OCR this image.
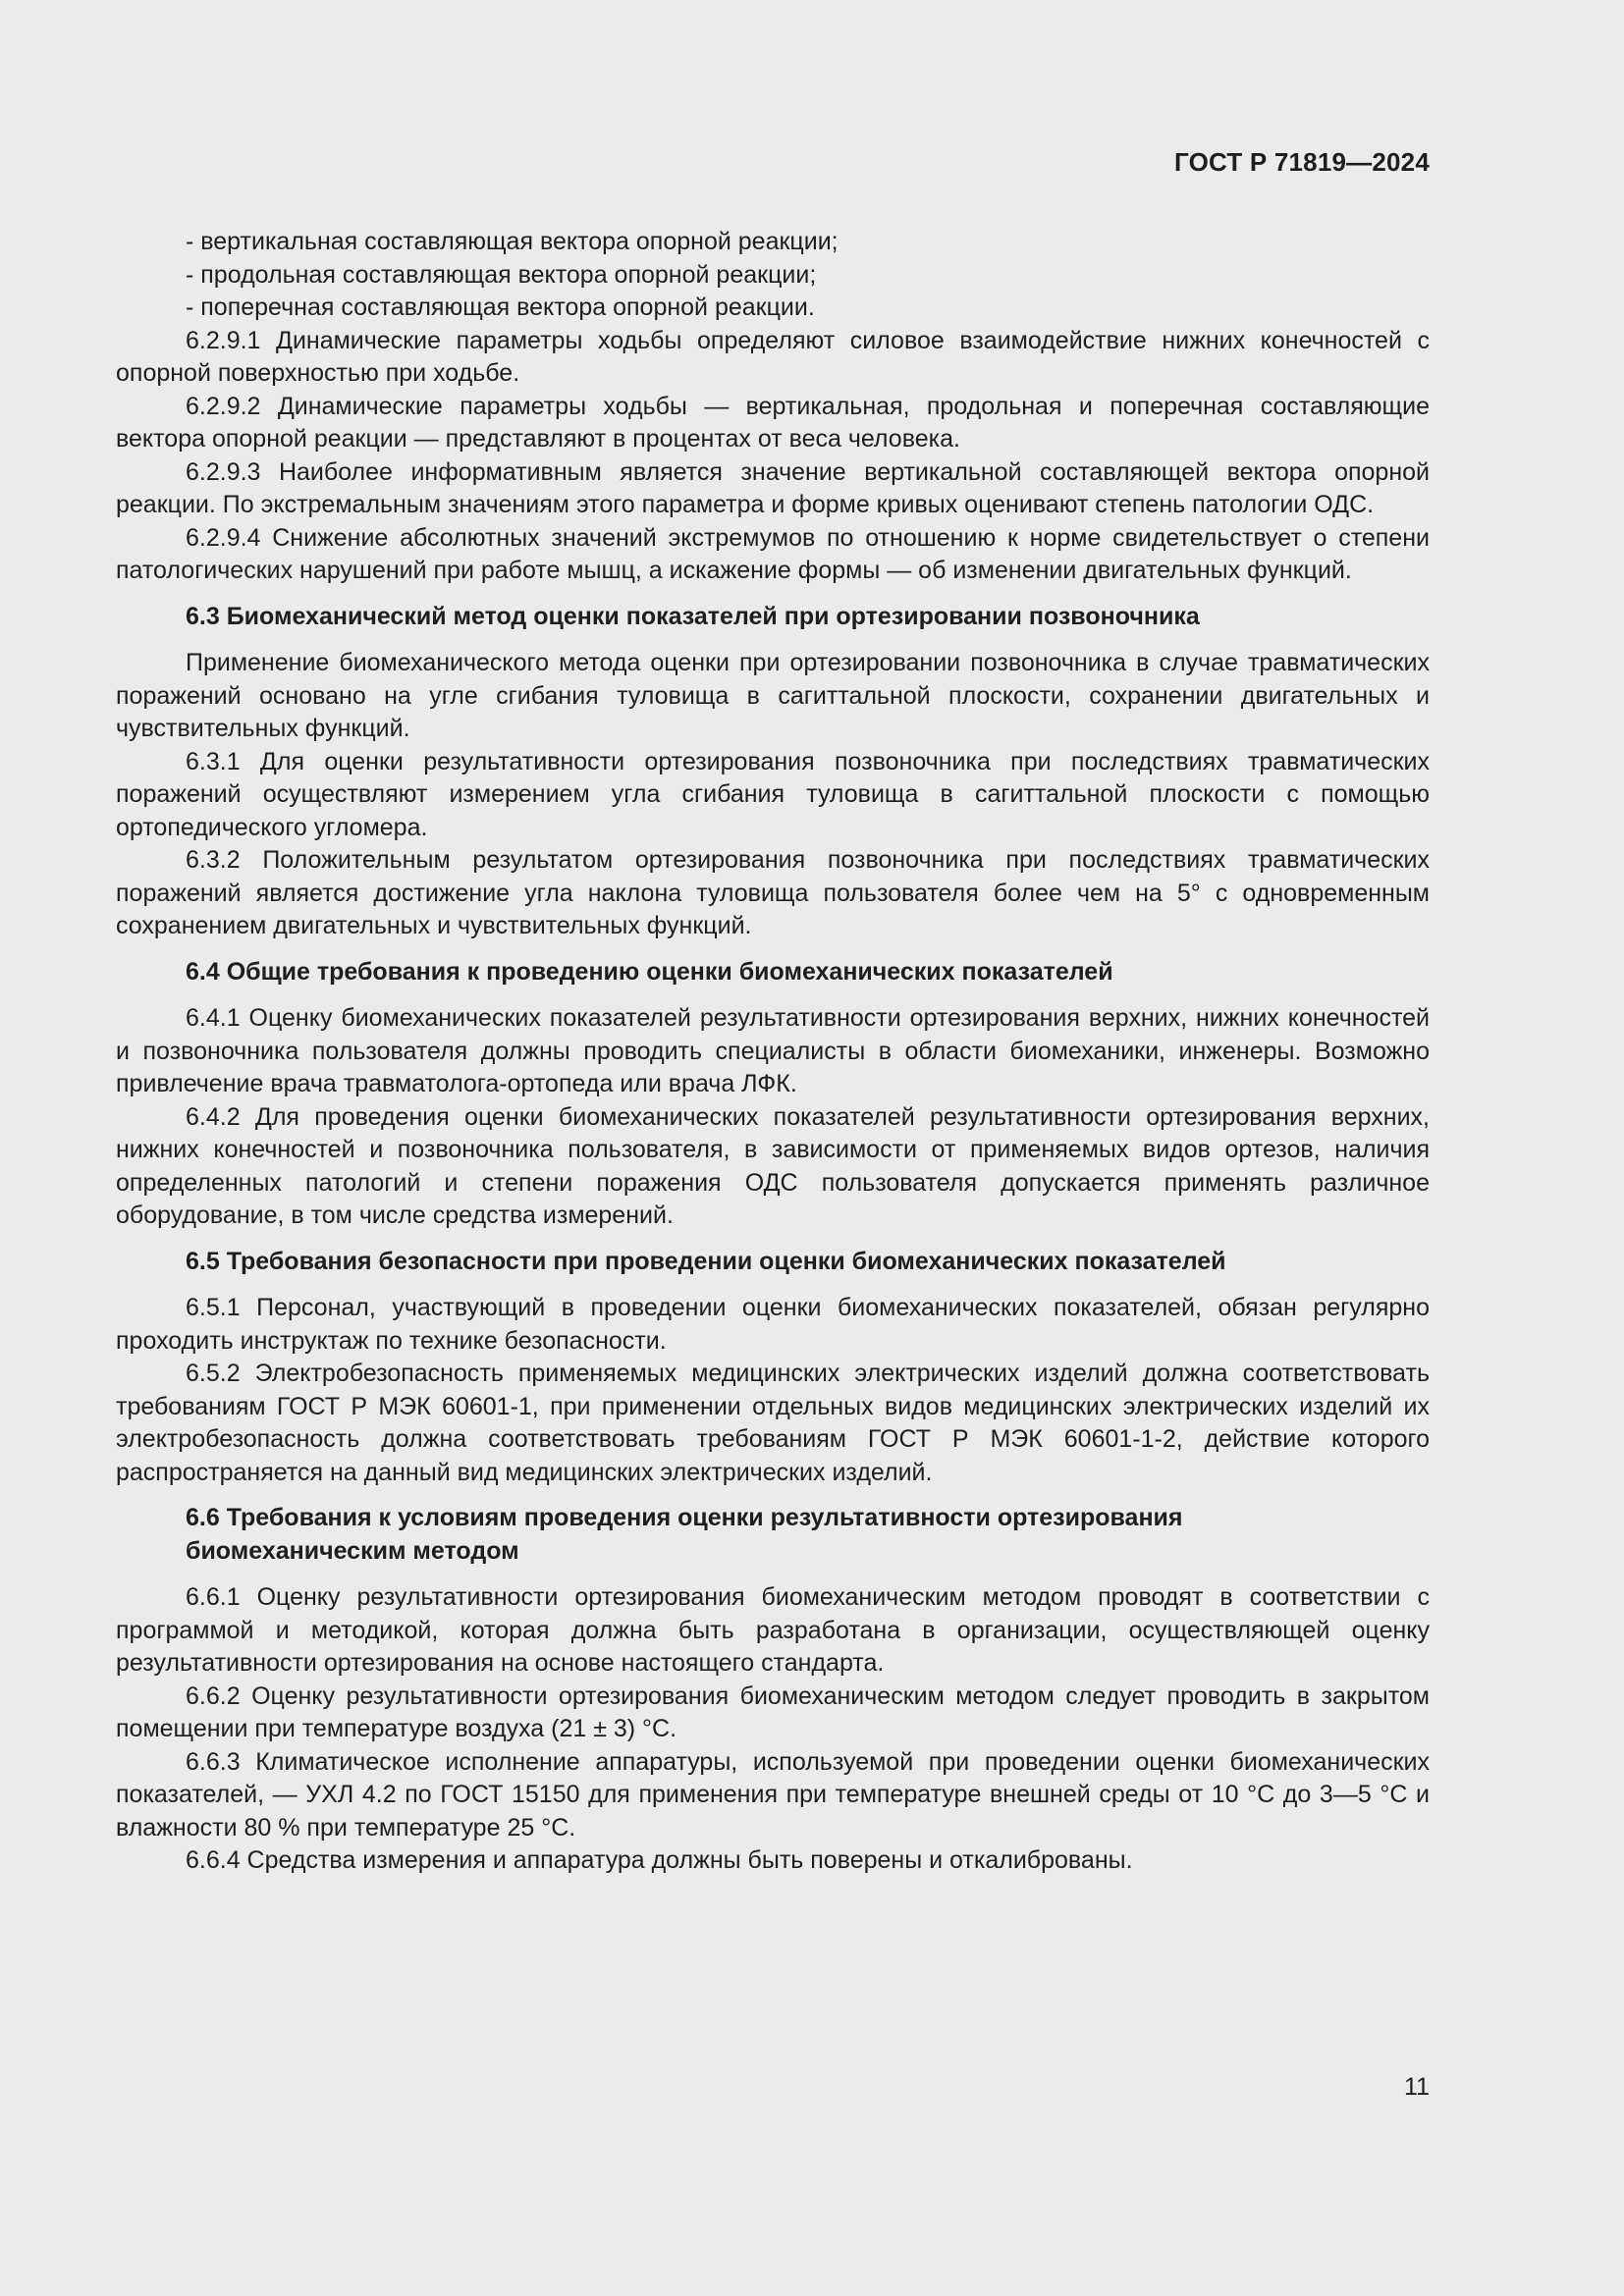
ГОСТ Р 71819—2024

- вертикальная составляющая вектора опорной реакции;

- продольная составляющая вектора опорной реакции;

- поперечная составляющая вектора опорной реакции.

6.2.9.1 Динамические параметры ходьбы определяют силовое взаимодействие нижних конечностей с опорной поверхностью при ходьбе.

6.2.9.2 Динамические параметры ходьбы — вертикальная, продольная и поперечная составляющие вектора опорной реакции — представляют в процентах от веса человека.

6.2.9.3 Наиболее информативным является значение вертикальной составляющей вектора опорной реакции. По экстремальным значениям этого параметра и форме кривых оценивают степень патологии ОДС.

6.2.9.4 Снижение абсолютных значений экстремумов по отношению к норме свидетельствует о степени патологических нарушений при работе мышц, а искажение формы — об изменении двигательных функций.

6.3 Биомеханический метод оценки показателей при ортезировании позвоночника

Применение биомеханического метода оценки при ортезировании позвоночника в случае травматических поражений основано на угле сгибания туловища в сагиттальной плоскости, сохранении двигательных и чувствительных функций.

6.3.1 Для оценки результативности ортезирования позвоночника при последствиях травматических поражений осуществляют измерением угла сгибания туловища в сагиттальной плоскости с помощью ортопедического угломера.

6.3.2 Положительным результатом ортезирования позвоночника при последствиях травматических поражений является достижение угла наклона туловища пользователя более чем на 5° с одновременным сохранением двигательных и чувствительных функций.

6.4 Общие требования к проведению оценки биомеханических показателей

6.4.1 Оценку биомеханических показателей результативности ортезирования верхних, нижних конечностей и позвоночника пользователя должны проводить специалисты в области биомеханики, инженеры. Возможно привлечение врача травматолога-ортопеда или врача ЛФК.

6.4.2 Для проведения оценки биомеханических показателей результативности ортезирования верхних, нижних конечностей и позвоночника пользователя, в зависимости от применяемых видов ортезов, наличия определенных патологий и степени поражения ОДС пользователя допускается применять различное оборудование, в том числе средства измерений.

6.5 Требования безопасности при проведении оценки биомеханических показателей

6.5.1 Персонал, участвующий в проведении оценки биомеханических показателей, обязан регулярно проходить инструктаж по технике безопасности.

6.5.2 Электробезопасность применяемых медицинских электрических изделий должна соответствовать требованиям ГОСТ Р МЭК 60601-1, при применении отдельных видов медицинских электрических изделий их электробезопасность должна соответствовать требованиям ГОСТ Р МЭК 60601-1-2, действие которого распространяется на данный вид медицинских электрических изделий.

6.6 Требования к условиям проведения оценки результативности ортезирования биомеханическим методом

6.6.1 Оценку результативности ортезирования биомеханическим методом проводят в соответствии с программой и методикой, которая должна быть разработана в организации, осуществляющей оценку результативности ортезирования на основе настоящего стандарта.

6.6.2 Оценку результативности ортезирования биомеханическим методом следует проводить в закрытом помещении при температуре воздуха (21 ± 3) °С.

6.6.3 Климатическое исполнение аппаратуры, используемой при проведении оценки биомеханических показателей, — УХЛ 4.2 по ГОСТ 15150 для применения при температуре внешней среды от 10 °С до 3—5 °С и влажности 80 % при температуре 25 °С.

6.6.4 Средства измерения и аппаратура должны быть поверены и откалиброваны.

11
